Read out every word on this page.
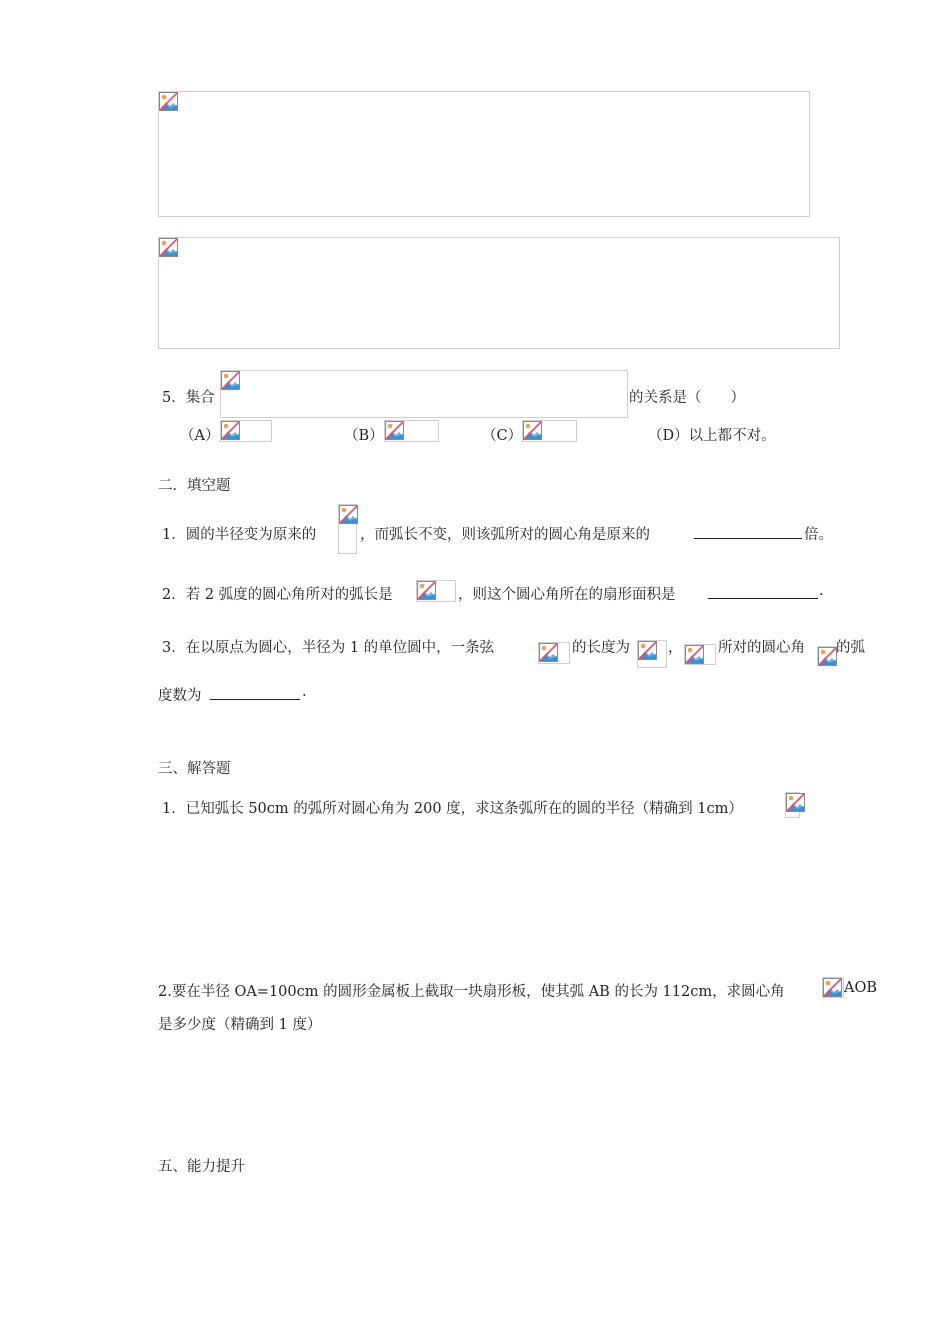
5．集合	的关系是（　　）
（A）	（B）	（C）	（D）以上都不对。
二．填空题
1．圆的半径变为原来的	，而弧长不变，则该弧所对的圆心角是原来的	倍。
2．若 2 弧度的圆心角所对的弧长是	，则这个圆心角所在的扇形面积是	.
3．在以原点为圆心，半径为 1 的单位圆中，一条弦	的长度为	， 所对的圆心角 的弧
度数为	.
三、解答题
1．已知弧长 50cm 的弧所对圆心角为 200 度，求这条弧所在的圆的半径（精确到 1cm）
2.要在半径 OA=100cm 的圆形金属板上截取一块扇形板，使其弧 AB 的长为 112cm，求圆心角	AOB
是多少度（精确到 1 度）
五、能力提升
